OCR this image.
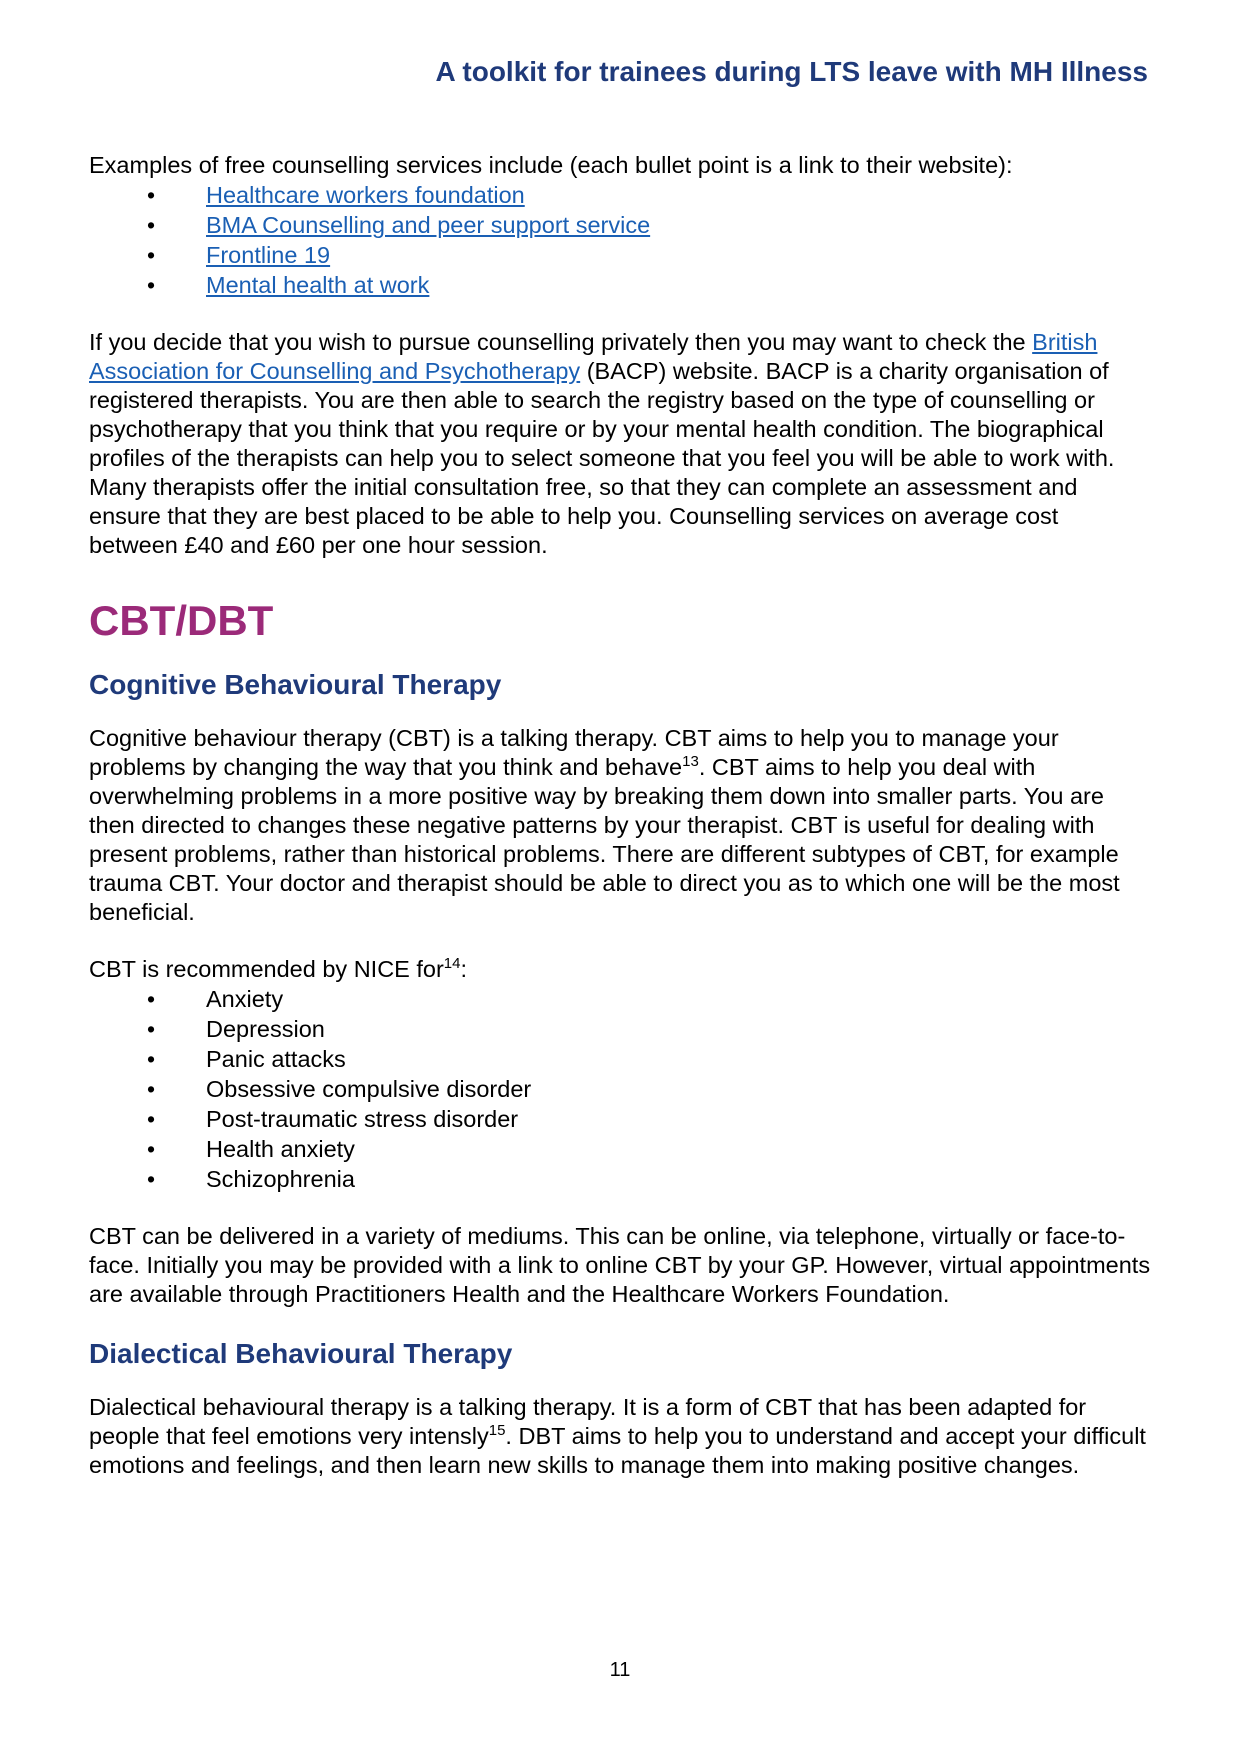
A toolkit for trainees during LTS leave with MH Illness

Examples of free counselling services include (each bullet point is a link to their website):

• Healthcare workers foundation
• BMA Counselling and peer support service
• Frontline 19
• Mental health at work

If you decide that you wish to pursue counselling privately then you may want to check the British Association for Counselling and Psychotherapy (BACP) website. BACP is a charity organisation of registered therapists. You are then able to search the registry based on the type of counselling or psychotherapy that you think that you require or by your mental health condition. The biographical profiles of the therapists can help you to select someone that you feel you will be able to work with. Many therapists offer the initial consultation free, so that they can complete an assessment and ensure that they are best placed to be able to help you. Counselling services on average cost between £40 and £60 per one hour session.

CBT/DBT
Cognitive Behavioural Therapy

Cognitive behaviour therapy (CBT) is a talking therapy. CBT aims to help you to manage your problems by changing the way that you think and behave$^{13}$. CBT aims to help you deal with overwhelming problems in a more positive way by breaking them down into smaller parts. You are then directed to changes these negative patterns by your therapist. CBT is useful for dealing with present problems, rather than historical problems. There are different subtypes of CBT, for example trauma CBT. Your doctor and therapist should be able to direct you as to which one will be the most beneficial.

CBT is recommended by NICE for$^{14}$:

• Anxiety
• Depression
• Panic attacks
• Obsessive compulsive disorder
• Post-traumatic stress disorder
• Health anxiety
• Schizophrenia

CBT can be delivered in a variety of mediums. This can be online, via telephone, virtually or face-to-face. Initially you may be provided with a link to online CBT by your GP. However, virtual appointments are available through Practitioners Health and the Healthcare Workers Foundation.

Dialectical Behavioural Therapy

Dialectical behavioural therapy is a talking therapy. It is a form of CBT that has been adapted for people that feel emotions very intensly$^{15}$. DBT aims to help you to understand and accept your difficult emotions and feelings, and then learn new skills to manage them into making positive changes.

11
